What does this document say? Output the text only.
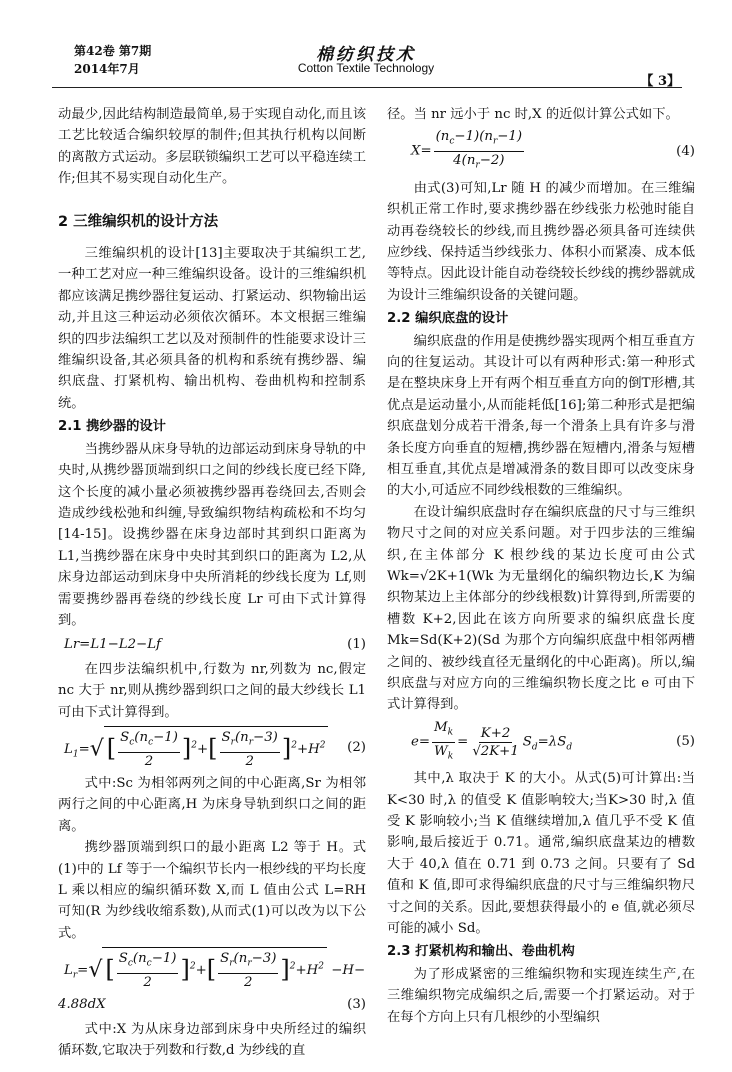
第42卷 第7期
2014年7月
棉纺织技术
Cotton Textile Technology
【 3】

动最少,因此结构制造最简单,易于实现自动化,而且该工艺比较适合编织较厚的制件;但其执行机构以间断的离散方式运动。多层联锁编织工艺可以平稳连续工作;但其不易实现自动化生产。

2 三维编织机的设计方法

三维编织机的设计[13]主要取决于其编织工艺,一种工艺对应一种三维编织设备。设计的三维编织机都应该满足携纱器往复运动、打紧运动、织物输出运动,并且这三种运动必须依次循环。本文根据三维编织的四步法编织工艺以及对预制件的性能要求设计三维编织设备,其必须具备的机构和系统有携纱器、编织底盘、打紧机构、输出机构、卷曲机构和控制系统。

2.1 携纱器的设计

当携纱器从床身导轨的边部运动到床身导轨的中央时,从携纱器顶端到织口之间的纱线长度已经下降,这个长度的减小量必须被携纱器再卷绕回去,否则会造成纱线松弛和纠缠,导致编织物结构疏松和不均匀[14-15]。设携纱器在床身边部时其到织口距离为 L1,当携纱器在床身中央时其到织口的距离为 L2,从床身边部运动到床身中央所消耗的纱线长度为 Lf,则需要携纱器再卷绕的纱线长度 Lr 可由下式计算得到。

Lr=L1−L2−Lf	(1)

在四步法编织机中,行数为 nr,列数为 nc,假定 nc 大于 nr,则从携纱器到织口之间的最大纱线长 L1 可由下式计算得到。

$L_1=√$ [ $\frac{S_c(n_c-1)}{2} ]^2+[ \frac{S_r(n_r-3)}{2} ]^2+H^2$	(2)

式中:Sc 为相邻两列之间的中心距离,Sr 为相邻两行之间的中心距离,H 为床身导轨到织口之间的距离。

携纱器顶端到织口的最小距离 L2 等于 H。式(1)中的 Lf 等于一个编织节长内一根纱线的平均长度 L 乘以相应的编织循环数 X,而 L 值由公式 L=RH 可知(R 为纱线收缩系数),从而式(1)可以改为以下公式。

$L_r=√$ [ $\frac{S_c(n_c-1)}{2} ]^2+[ \frac{S_r(n_r-3)}{2} ]^2+H^2 -H-$
4.88dX	(3)

式中:X 为从床身边部到床身中央所经过的编织循环数,它取决于列数和行数,d 为纱线的直

径。当 nr 远小于 nc 时,X 的近似计算公式如下。

$X= \frac{(n_c-1)(n_r-1)}{4(n_r-2)}$	(4)

由式(3)可知,Lr 随 H 的减少而增加。在三维编织机正常工作时,要求携纱器在纱线张力松弛时能自动再卷绕较长的纱线,而且携纱器必须具备可连续供应纱线、保持适当纱线张力、体积小而紧凑、成本低等特点。因此设计能自动卷绕较长纱线的携纱器就成为设计三维编织设备的关键问题。

2.2 编织底盘的设计

编织底盘的作用是使携纱器实现两个相互垂直方向的往复运动。其设计可以有两种形式:第一种形式是在整块床身上开有两个相互垂直方向的倒T形槽,其优点是运动量小,从而能耗低[16];第二种形式是把编织底盘划分成若干滑条,每一个滑条上具有许多与滑条长度方向垂直的短槽,携纱器在短槽内,滑条与短槽相互垂直,其优点是增减滑条的数目即可以改变床身的大小,可适应不同纱线根数的三维编织。

在设计编织底盘时存在编织底盘的尺寸与三维织物尺寸之间的对应关系问题。对于四步法的三维编织,在主体部分 K 根纱线的某边长度可由公式 Wk=√2K+1(Wk 为无量纲化的编织物边长,K 为编织物某边上主体部分的纱线根数)计算得到,所需要的槽数 K+2,因此在该方向所要求的编织底盘长度 Mk=Sd(K+2)(Sd 为那个方向编织底盘中相邻两槽之间的、被纱线直径无量纲化的中心距离)。所以,编织底盘与对应方向的三维编织物长度之比 e 可由下式计算得到。

$e= \frac{M_k}{W_k} = \frac{K+2}{√2K+1} S_d=\lambda S_d$	(5)

其中,λ 取决于 K 的大小。从式(5)可计算出:当K<30 时,λ 的值受 K 值影响较大;当K>30 时,λ 值受 K 影响较小;当 K 值继续增加,λ 值几乎不受 K 值影响,最后接近于 0.71。通常,编织底盘某边的槽数大于 40,λ 值在 0.71 到 0.73 之间。只要有了 Sd 值和 K 值,即可求得编织底盘的尺寸与三维编织物尺寸之间的关系。因此,要想获得最小的 e 值,就必须尽可能的减小 Sd。

2.3 打紧机构和输出、卷曲机构

为了形成紧密的三维编织物和实现连续生产,在三维编织物完成编织之后,需要一个打紧运动。对于在每个方向上只有几根纱的小型编织
